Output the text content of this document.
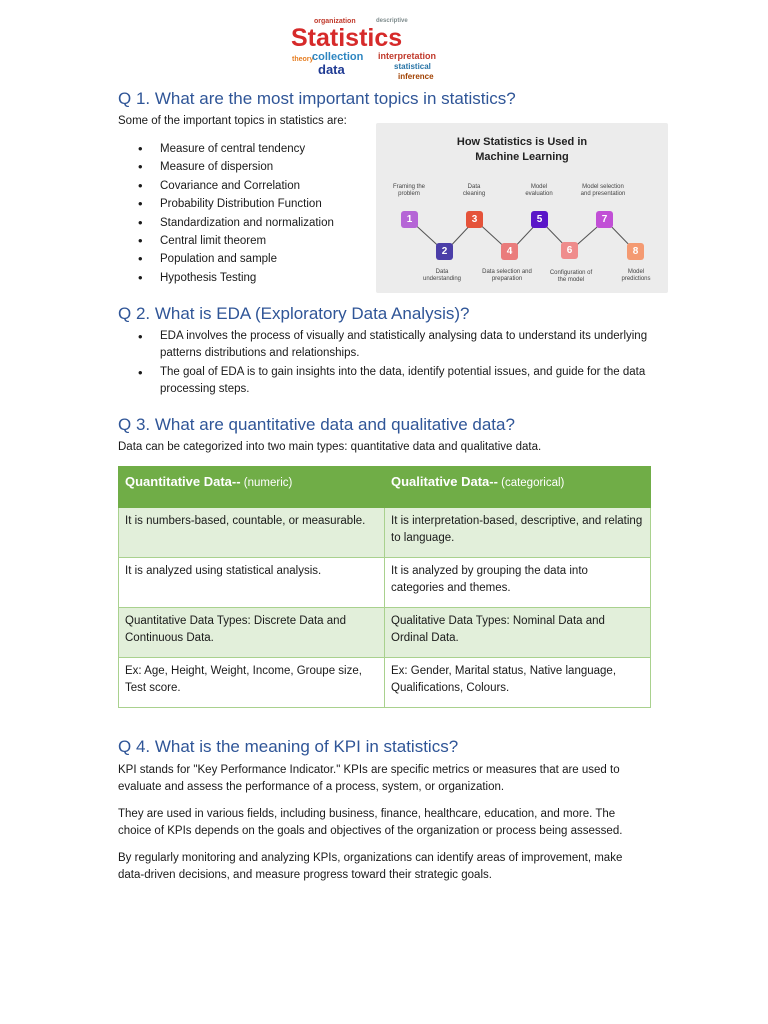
organization	descriptive
theory
Statistics
collection interpretation
data	statistical
inference
Q 1. What are the most important topics in statistics?
Some of the important topics in statistics are:
• Measure of central tendency
• Measure of dispersion
• Covariance and Correlation
• Probability Distribution Function
• Standardization and normalization
• Central limit theorem
• Population and sample
• Hypothesis Testing
How Statistics is Used in
Machine Learning
1
2
3
4
5
6
7
8
Framing the problem
Data cleaning
Model evaluation
Model selection and presentation
Data understanding
Data selection and preparation
Configuration of the model
Model predictions
Q 2. What is EDA (Exploratory Data Analysis)?
• EDA involves the process of visually and statistically analysing data to understand its underlying patterns distributions and relationships.
• The goal of EDA is to gain insights into the data, identify potential issues, and guide for the data processing steps.
Q 3. What are quantitative data and qualitative data?
Data can be categorized into two main types: quantitative data and qualitative data.
Quantitative Data-- (numeric)	Qualitative Data-- (categorical)
It is numbers-based, countable, or measurable.	It is interpretation-based, descriptive, and relating to language.
It is analyzed using statistical analysis.	It is analyzed by grouping the data into categories and themes.
Quantitative Data Types: Discrete Data and Continuous Data.	Qualitative Data Types: Nominal Data and Ordinal Data.
Ex: Age, Height, Weight, Income, Groupe size, Test score.	Ex: Gender, Marital status, Native language, Qualifications, Colours.
Q 4. What is the meaning of KPI in statistics?
KPI stands for "Key Performance Indicator." KPIs are specific metrics or measures that are used to evaluate and assess the performance of a process, system, or organization.
They are used in various fields, including business, finance, healthcare, education, and more. The choice of KPIs depends on the goals and objectives of the organization or process being assessed.
By regularly monitoring and analyzing KPIs, organizations can identify areas of improvement, make data-driven decisions, and measure progress toward their strategic goals.
